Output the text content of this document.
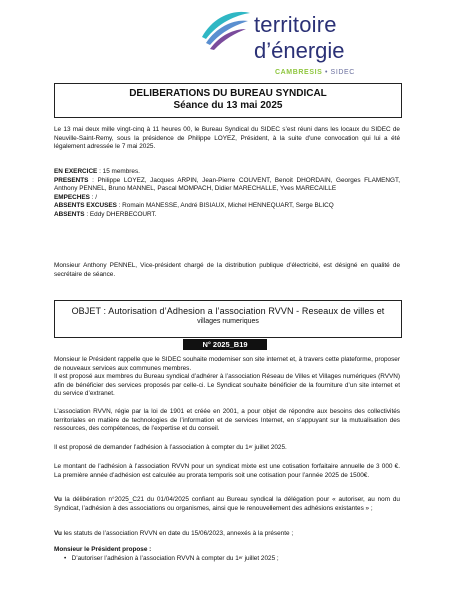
territoire
d’énergie
CAMBRESIS • SIDEC
DELIBERATIONS DU BUREAU SYNDICAL
Séance du 13 mai 2025
Le 13 mai deux mille vingt-cinq à 11 heures 00, le Bureau Syndical du SIDEC s’est réuni dans les locaux du SIDEC de Neuville-Saint-Remy, sous la présidence de Philippe LOYEZ, Président, à la suite d’une convocation qui lui a été légalement adressée le 7 mai 2025.
EN EXERCICE : 15 membres.
PRESENTS : Philippe LOYEZ, Jacques ARPIN, Jean-Pierre COUVENT, Benoit DHORDAIN, Georges FLAMENGT, Anthony PENNEL, Bruno MANNEL, Pascal MOMPACH, Didier MARECHALLE, Yves MARECAILLE
EMPECHES : /
ABSENTS EXCUSES : Romain MANESSE, André BISIAUX, Michel HENNEQUART, Serge BLICQ
ABSENTS : Eddy DHERBECOURT.
Monsieur Anthony PENNEL, Vice-président chargé de la distribution publique d’électricité, est désigné en qualité de secrétaire de séance.
OBJET : Autorisation d’Adhesion a l’association RVVN - Reseaux de villes et
villages numeriques
N° 2025_B19
Monsieur le Président rappelle que le SIDEC souhaite moderniser son site internet et, à travers cette plateforme, proposer de nouveaux services aux communes membres.
Il est proposé aux membres du Bureau syndical d’adhérer à l’association Réseau de Villes et Villages numériques (RVVN) afin de bénéficier des services proposés par celle-ci. Le Syndicat souhaite bénéficier de la fourniture d’un site internet et du service d’extranet.
L’association RVVN, régie par la loi de 1901 et créée en 2001, a pour objet de répondre aux besoins des collectivités territoriales en matière de technologies de l’information et de services Internet, en s’appuyant sur la mutualisation des ressources, des compétences, de l’expertise et du conseil.
Il est proposé de demander l’adhésion à l’association à compter du 1er juillet 2025.
Le montant de l’adhésion à l’association RVVN pour un syndicat mixte est une cotisation forfaitaire annuelle de 3 000 €. La première année d’adhésion est calculée au prorata temporis soit une cotisation pour l’année 2025 de 1500€.
Vu la délibération n°2025_C21 du 01/04/2025 confiant au Bureau syndical la délégation pour « autoriser, au nom du Syndicat, l’adhésion à des associations ou organismes, ainsi que le renouvellement des adhésions existantes » ;
Vu les statuts de l’association RVVN en date du 15/06/2023, annexés à la présente ;
Monsieur le Président propose :
•   D’autoriser l’adhésion à l’association RVVN à compter du 1er juillet 2025 ;
